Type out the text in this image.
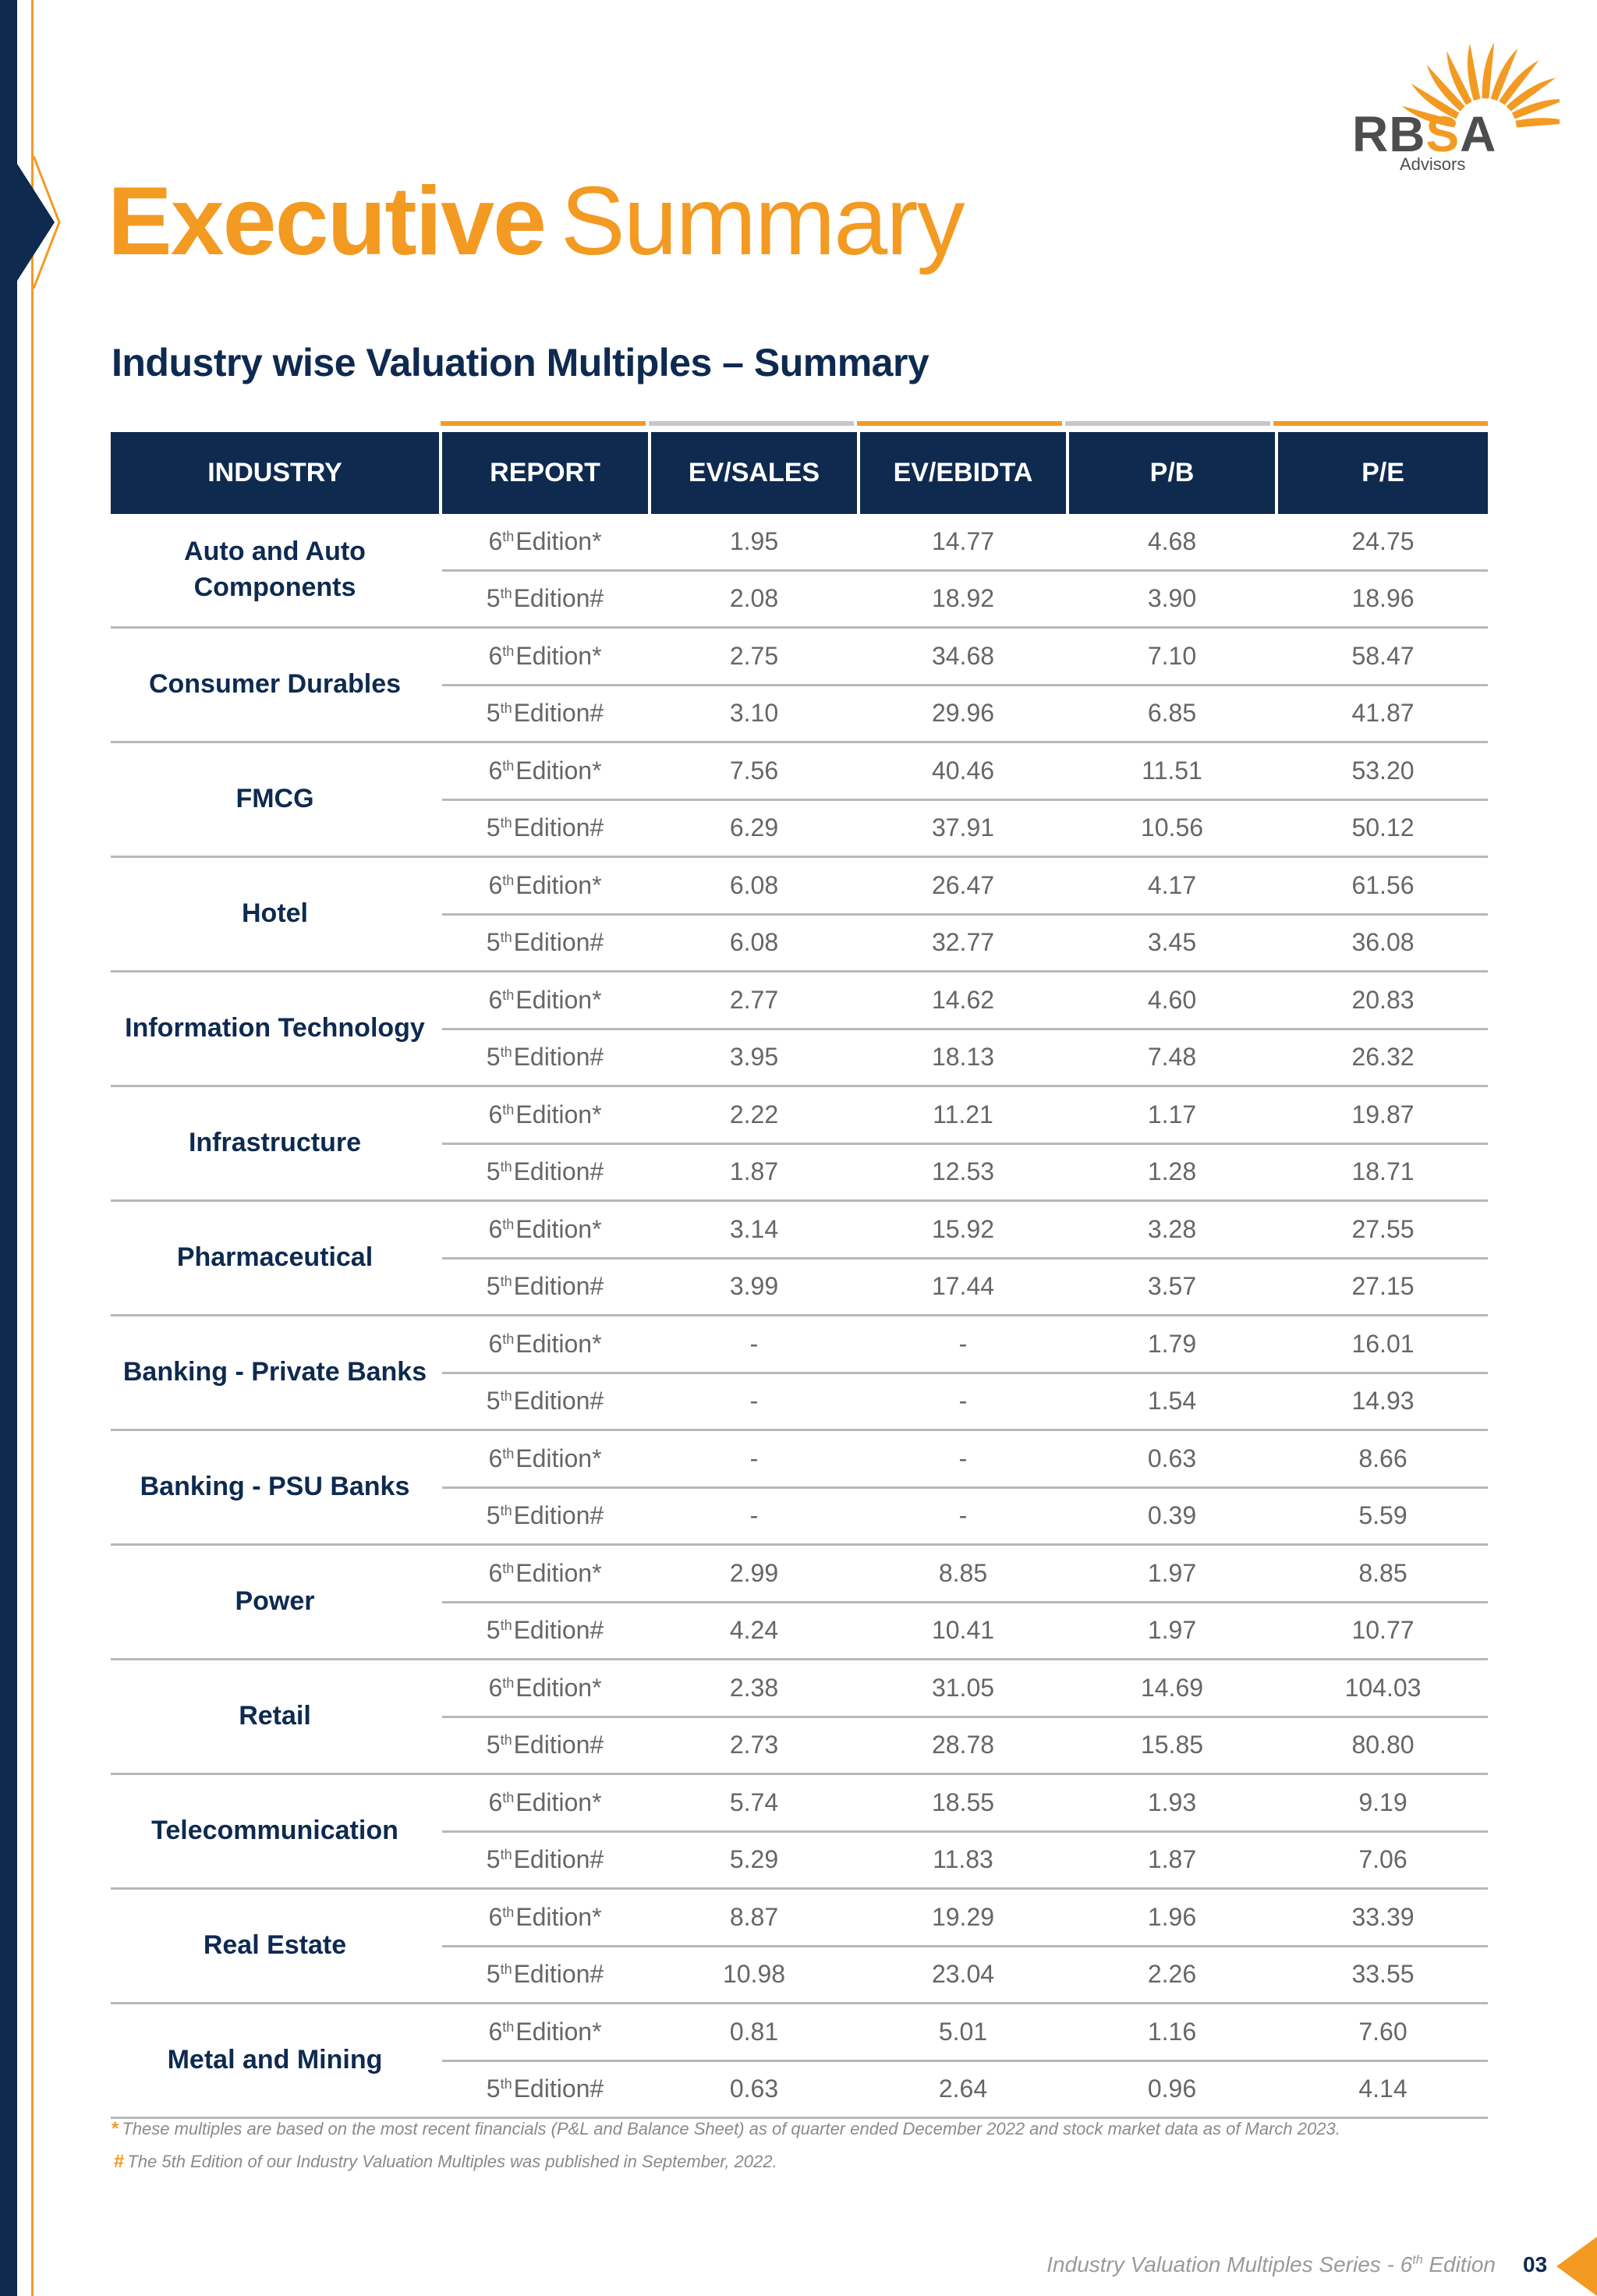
RBSA
Advisors
Executive Summary
Industry wise Valuation Multiples – Summary
INDUSTRY	REPORT	EV/SALES	EV/EBIDTA	P/B	P/E
Auto and Auto Components
6th Edition *	1.95	14.77	4.68	24.75
5th Edition #	2.08	18.92	3.90	18.96
Consumer Durables
6th Edition *	2.75	34.68	7.10	58.47
5th Edition #	3.10	29.96	6.85	41.87
FMCG
6th Edition *	7.56	40.46	11.51	53.20
5th Edition #	6.29	37.91	10.56	50.12
Hotel
6th Edition *	6.08	26.47	4.17	61.56
5th Edition #	6.08	32.77	3.45	36.08
Information Technology
6th Edition *	2.77	14.62	4.60	20.83
5th Edition #	3.95	18.13	7.48	26.32
Infrastructure
6th Edition *	2.22	11.21	1.17	19.87
5th Edition #	1.87	12.53	1.28	18.71
Pharmaceutical
6th Edition *	3.14	15.92	3.28	27.55
5th Edition #	3.99	17.44	3.57	27.15
Banking - Private Banks
6th Edition *	-	-	1.79	16.01
5th Edition #	-	-	1.54	14.93
Banking - PSU Banks
6th Edition *	-	-	0.63	8.66
5th Edition #	-	-	0.39	5.59
Power
6th Edition *	2.99	8.85	1.97	8.85
5th Edition #	4.24	10.41	1.97	10.77
Retail
6th Edition *	2.38	31.05	14.69	104.03
5th Edition #	2.73	28.78	15.85	80.80
Telecommunication
6th Edition *	5.74	18.55	1.93	9.19
5th Edition #	5.29	11.83	1.87	7.06
Real Estate
6th Edition *	8.87	19.29	1.96	33.39
5th Edition #	10.98	23.04	2.26	33.55
Metal and Mining
6th Edition *	0.81	5.01	1.16	7.60
5th Edition #	0.63	2.64	0.96	4.14
* These multiples are based on the most recent financials (P&L and Balance Sheet) as of quarter ended December 2022 and stock market data as of March 2023.
# The 5th Edition of our Industry Valuation Multiples was published in September, 2022.
Industry Valuation Multiples Series - 6th Edition 03
